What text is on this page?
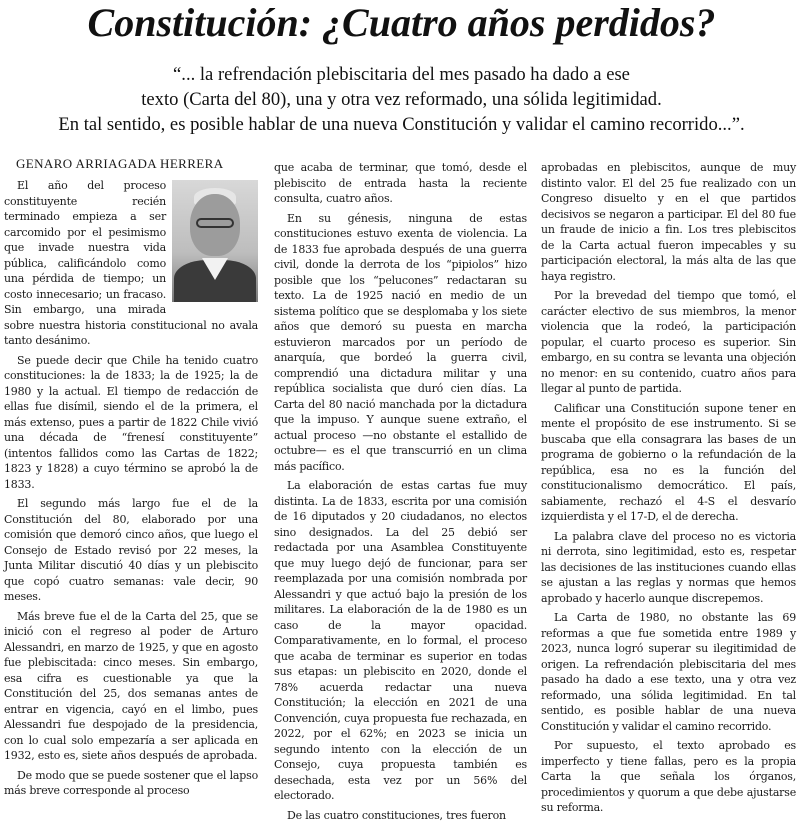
Constitución: ¿Cuatro años perdidos?
“... la refrendación plebiscitaria del mes pasado ha dado a ese
texto (Carta del 80), una y otra vez reformado, una sólida legitimidad.
En tal sentido, es posible hablar de una nueva Constitución y validar el camino recorrido...”.
GENARO ARRIAGADA HERRERA

El año del proceso constituyente recién terminado empieza a ser carcomido por el pesimismo que invade nuestra vida pública, calificándolo como una pérdida de tiempo; un costo innecesario; un fracaso. Sin embargo, una mirada sobre nuestra historia constitucional no avala tanto desánimo.

Se puede decir que Chile ha tenido cuatro constituciones: la de 1833; la de 1925; la de 1980 y la actual. El tiempo de redacción de ellas fue disímil, siendo el de la primera, el más extenso, pues a partir de 1822 Chile vivió una década de “frenesí constituyente” (intentos fallidos como las Cartas de 1822; 1823 y 1828) a cuyo término se aprobó la de 1833.

El segundo más largo fue el de la Constitución del 80, elaborado por una comisión que demoró cinco años, que luego el Consejo de Estado revisó por 22 meses, la Junta Militar discutió 40 días y un plebiscito que copó cuatro semanas: vale decir, 90 meses.

Más breve fue el de la Carta del 25, que se inició con el regreso al poder de Arturo Alessandri, en marzo de 1925, y que en agosto fue plebiscitada: cinco meses. Sin embargo, esa cifra es cuestionable ya que la Constitución del 25, dos semanas antes de entrar en vigencia, cayó en el limbo, pues Alessandri fue despojado de la presidencia, con lo cual solo empezaría a ser aplicada en 1932, esto es, siete años después de aprobada.

De modo que se puede sostener que el lapso más breve corresponde al proceso

que acaba de terminar, que tomó, desde el plebiscito de entrada hasta la reciente consulta, cuatro años.

En su génesis, ninguna de estas constituciones estuvo exenta de violencia. La de 1833 fue aprobada después de una guerra civil, donde la derrota de los “pipiolos” hizo posible que los “pelucones” redactaran su texto. La de 1925 nació en medio de un sistema político que se desplomaba y los siete años que demoró su puesta en marcha estuvieron marcados por un período de anarquía, que bordeó la guerra civil, comprendió una dictadura militar y una república socialista que duró cien días. La Carta del 80 nació manchada por la dictadura que la impuso. Y aunque suene extraño, el actual proceso —no obstante el estallido de octubre— es el que transcurrió en un clima más pacífico.

La elaboración de estas cartas fue muy distinta. La de 1833, escrita por una comisión de 16 diputados y 20 ciudadanos, no electos sino designados. La del 25 debió ser redactada por una Asamblea Constituyente que muy luego dejó de funcionar, para ser reemplazada por una comisión nombrada por Alessandri y que actuó bajo la presión de los militares. La elaboración de la de 1980 es un caso de la mayor opacidad. Comparativamente, en lo formal, el proceso que acaba de terminar es superior en todas sus etapas: un plebiscito en 2020, donde el 78% acuerda redactar una nueva Constitución; la elección en 2021 de una Convención, cuya propuesta fue rechazada, en 2022, por el 62%; en 2023 se inicia un segundo intento con la elección de un Consejo, cuya propuesta también es desechada, esta vez por un 56% del electorado.

De las cuatro constituciones, tres fueron

aprobadas en plebiscitos, aunque de muy distinto valor. El del 25 fue realizado con un Congreso disuelto y en el que partidos decisivos se negaron a participar. El del 80 fue un fraude de inicio a fin. Los tres plebiscitos de la Carta actual fueron impecables y su participación electoral, la más alta de las que haya registro.

Por la brevedad del tiempo que tomó, el carácter electivo de sus miembros, la menor violencia que la rodeó, la participación popular, el cuarto proceso es superior. Sin embargo, en su contra se levanta una objeción no menor: en su contenido, cuatro años para llegar al punto de partida.

Calificar una Constitución supone tener en mente el propósito de ese instrumento. Si se buscaba que ella consagrara las bases de un programa de gobierno o la refundación de la república, esa no es la función del constitucionalismo democrático. El país, sabiamente, rechazó el 4-S el desvarío izquierdista y el 17-D, el de derecha.

La palabra clave del proceso no es victoria ni derrota, sino legitimidad, esto es, respetar las decisiones de las instituciones cuando ellas se ajustan a las reglas y normas que hemos aprobado y hacerlo aunque discrepemos.

La Carta de 1980, no obstante las 69 reformas a que fue sometida entre 1989 y 2023, nunca logró superar su ilegitimidad de origen. La refrendación plebiscitaria del mes pasado ha dado a ese texto, una y otra vez reformado, una sólida legitimidad. En tal sentido, es posible hablar de una nueva Constitución y validar el camino recorrido.

Por supuesto, el texto aprobado es imperfecto y tiene fallas, pero es la propia Carta la que señala los órganos, procedimientos y quorum a que debe ajustarse su reforma.
